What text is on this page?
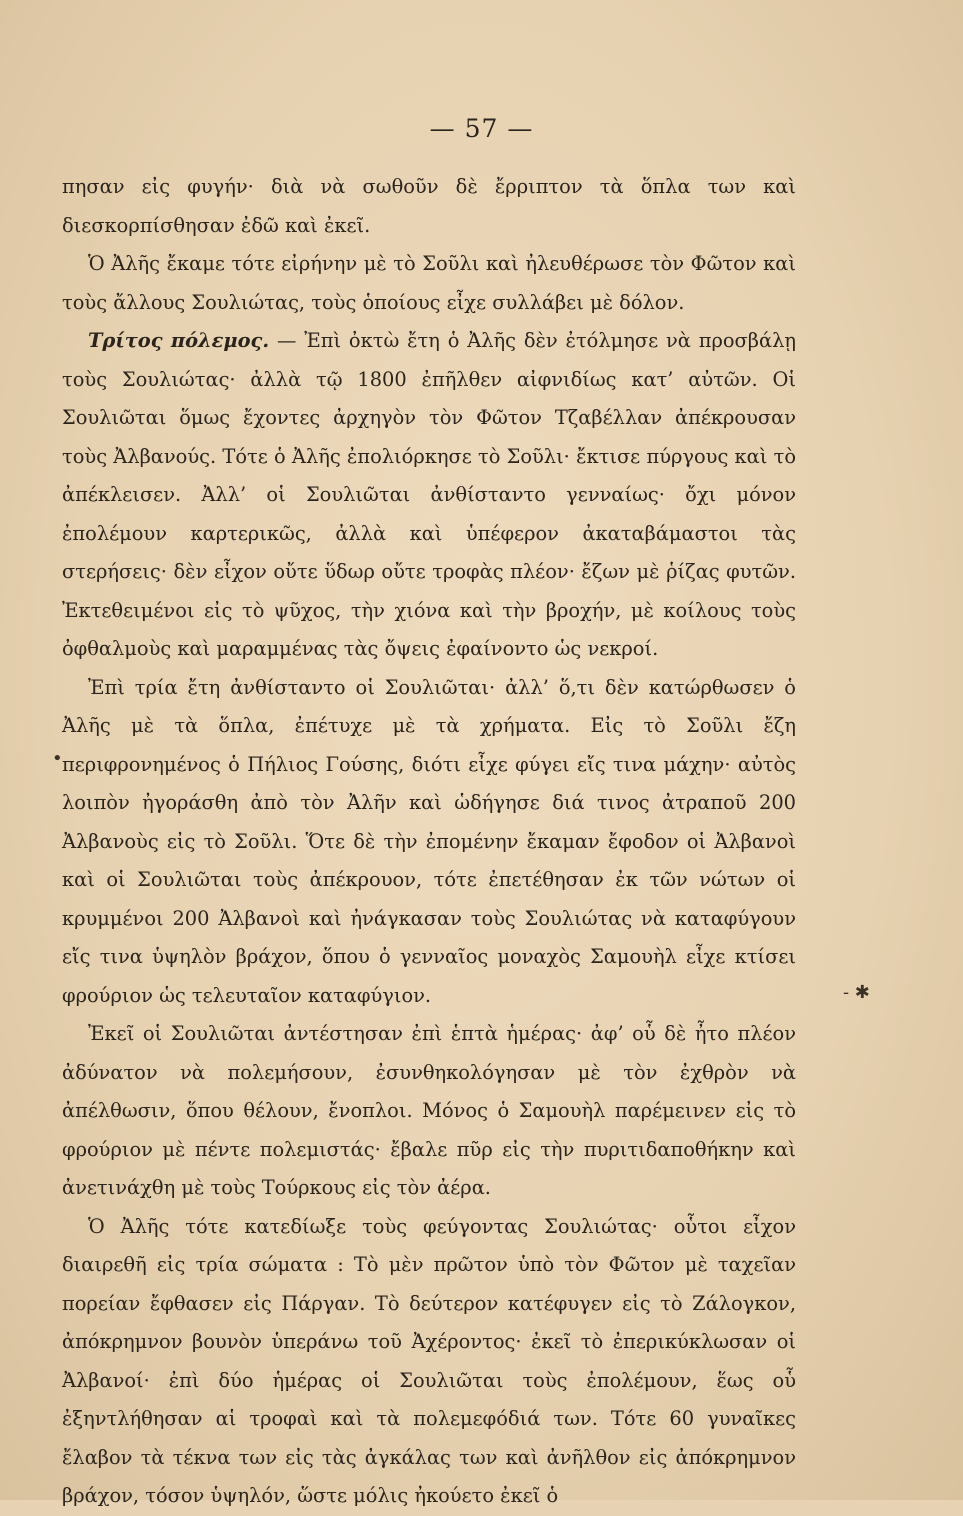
— 57 —

πησαν εἰς φυγήν· διὰ νὰ σωθοῦν δὲ ἔρριπτον τὰ ὅπλα των καὶ διεσκορπίσθησαν ἐδῶ καὶ ἐκεῖ.

Ὁ Ἀλῆς ἔκαμε τότε εἰρήνην μὲ τὸ Σοῦλι καὶ ἠλευθέρωσε τὸν Φῶτον καὶ τοὺς ἄλλους Σουλιώτας, τοὺς ὁποίους εἶχε συλλάβει μὲ δόλον.

Τρίτος πόλεμος. — Ἐπὶ ὀκτὼ ἔτη ὁ Ἀλῆς δὲν ἐτόλμησε νὰ προσβάλῃ τοὺς Σουλιώτας· ἀλλὰ τῷ 1800 ἐπῆλθεν αἰφνιδίως κατ’ αὐτῶν. Οἱ Σουλιῶται ὅμως ἔχοντες ἀρχηγὸν τὸν Φῶτον Τζαβέλλαν ἀπέκρουσαν τοὺς Ἀλβανούς. Τότε ὁ Ἀλῆς ἐπολιόρκησε τὸ Σοῦλι· ἔκτισε πύργους καὶ τὸ ἀπέκλεισεν. Ἀλλ’ οἱ Σουλιῶται ἀνθίσταντο γενναίως· ὄχι μόνον ἐπολέμουν καρτερικῶς, ἀλλὰ καὶ ὑπέφερον ἀκαταβάμαστοι τὰς στερήσεις· δὲν εἶχον οὔτε ὕδωρ οὔτε τροφὰς πλέον· ἔζων μὲ ῥίζας φυτῶν. Ἐκτεθειμένοι εἰς τὸ ψῦχος, τὴν χιόνα καὶ τὴν βροχήν, μὲ κοίλους τοὺς ὀφθαλμοὺς καὶ μαραμμένας τὰς ὄψεις ἐφαίνοντο ὡς νεκροί.

Ἐπὶ τρία ἔτη ἀνθίσταντο οἱ Σουλιῶται· ἀλλ’ ὅ,τι δὲν κατώρθωσεν ὁ Ἀλῆς μὲ τὰ ὅπλα, ἐπέτυχε μὲ τὰ χρήματα. Εἰς τὸ Σοῦλι ἔζη περιφρονημένος ὁ Πήλιος Γούσης, διότι εἶχε φύγει εἴς τινα μάχην· αὐτὸς λοιπὸν ἠγοράσθη ἀπὸ τὸν Ἀλῆν καὶ ὡδήγησε διά τινος ἀτραποῦ 200 Ἀλβανοὺς εἰς τὸ Σοῦλι. Ὅτε δὲ τὴν ἐπομένην ἔκαμαν ἔφοδον οἱ Ἀλβανοὶ καὶ οἱ Σουλιῶται τοὺς ἀπέκρουον, τότε ἐπετέθησαν ἐκ τῶν νώτων οἱ κρυμμένοι 200 Ἀλβανοὶ καὶ ἠνάγκασαν τοὺς Σουλιώτας νὰ καταφύγουν εἴς τινα ὑψηλὸν βράχον, ὅπου ὁ γενναῖος μοναχὸς Σαμουὴλ εἶχε κτίσει φρούριον ὡς τελευταῖον καταφύγιον.

Ἐκεῖ οἱ Σουλιῶται ἀντέστησαν ἐπὶ ἑπτὰ ἡμέρας· ἀφ’ οὗ δὲ ἦτο πλέον ἀδύνατον νὰ πολεμήσουν, ἐσυνθηκολόγησαν μὲ τὸν ἐχθρὸν νὰ ἀπέλθωσιν, ὅπου θέλουν, ἔνοπλοι. Μόνος ὁ Σαμουὴλ παρέμεινεν εἰς τὸ φρούριον μὲ πέντε πολεμιστάς· ἔβαλε πῦρ εἰς τὴν πυριτιδαποθήκην καὶ ἀνετινάχθη μὲ τοὺς Τούρκους εἰς τὸν ἀέρα.

Ὁ Ἀλῆς τότε κατεδίωξε τοὺς φεύγοντας Σουλιώτας· οὗτοι εἶχον διαιρεθῆ εἰς τρία σώματα : Τὸ μὲν πρῶτον ὑπὸ τὸν Φῶτον μὲ ταχεῖαν πορείαν ἔφθασεν εἰς Πάργαν. Τὸ δεύτερον κατέφυγεν εἰς τὸ Ζάλογκον, ἀπόκρημνον βουνὸν ὑπεράνω τοῦ Ἀχέροντος· ἐκεῖ τὸ ἐπερικύκλωσαν οἱ Ἀλβανοί· ἐπὶ δύο ἡμέρας οἱ Σουλιῶται τοὺς ἐπολέμουν, ἕως οὗ ἐξηντλήθησαν αἱ τροφαὶ καὶ τὰ πολεμεφόδιά των. Τότε 60 γυναῖκες ἔλαβον τὰ τέκνα των εἰς τὰς ἀγκάλας των καὶ ἀνῆλθον εἰς ἀπόκρημνον βράχον, τόσον ὑψηλόν, ὥστε μόλις ἠκούετο ἐκεῖ ὁ

•
- ✱
